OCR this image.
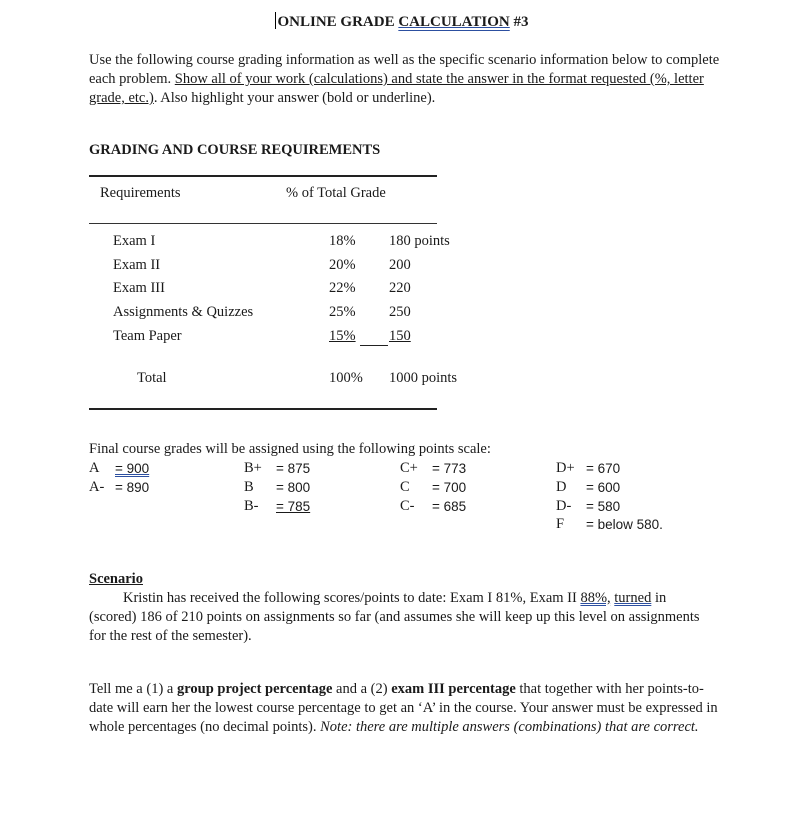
ONLINE GRADE CALCULATION #3
Use the following course grading information as well as the specific scenario information below to complete each problem. Show all of your work (calculations) and state the answer in the format requested (%, letter grade, etc.). Also highlight your answer (bold or underline).
GRADING AND COURSE REQUIREMENTS
Requirements	% of Total Grade
Exam I	18% 180 points
Exam II	20% 200
Exam III	22% 220
Assignments & Quizzes	25% 250
Team Paper	15% 150
Total	100% 1000 points
Final course grades will be assigned using the following points scale:
A = 900
A- = 890
B+ = 875
B = 800
B- = 785
C+ = 773
C = 700
C- = 685
D+ = 670
D = 600
D- = 580
F = below 580.
Scenario
Kristin has received the following scores/points to date: Exam I 81%, Exam II 88%, turned in (scored) 186 of 210 points on assignments so far (and assumes she will keep up this level on assignments for the rest of the semester).
Tell me a (1) a group project percentage and a (2) exam III percentage that together with her points-to-date will earn her the lowest course percentage to get an ‘A’ in the course. Your answer must be expressed in whole percentages (no decimal points). Note: there are multiple answers (combinations) that are correct.
